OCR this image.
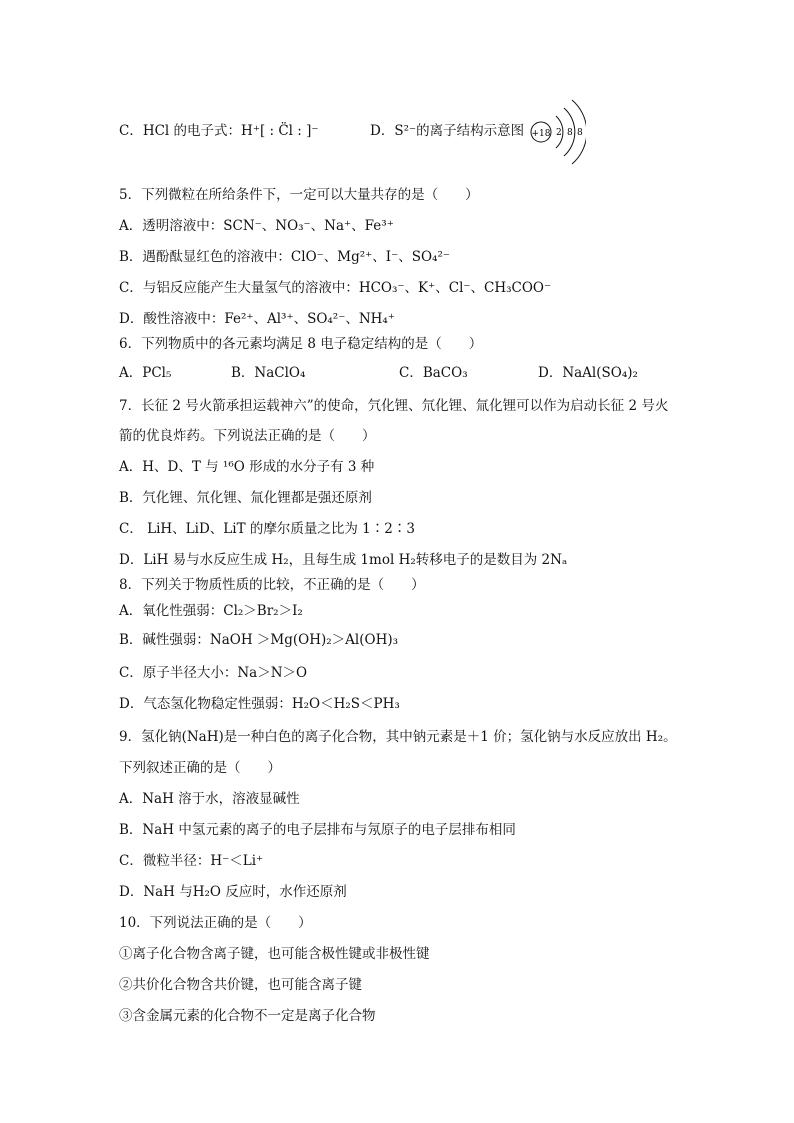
C．HCl 的电子式：H⁺[ : C̈l : ]⁻	D．S²⁻的离子结构示意图 +18 2 8 8
5．下列微粒在所给条件下，一定可以大量共存的是（　　）
A．透明溶液中：SCN⁻、NO₃⁻、Na⁺、Fe³⁺
B．遇酚酞显红色的溶液中：ClO⁻、Mg²⁺、I⁻、SO₄²⁻
C．与铝反应能产生大量氢气的溶液中：HCO₃⁻、K⁺、Cl⁻、CH₃COO⁻
D．酸性溶液中：Fe²⁺、Al³⁺、SO₄²⁻、NH₄⁺
6．下列物质中的各元素均满足 8 电子稳定结构的是（　　）
A．PCl₅	B．NaClO₄	C．BaCO₃	D．NaAl(SO₄)₂
7．长征 2 号火箭承担运载神六”的使命，氕化锂、氘化锂、氚化锂可以作为启动长征 2 号火
箭的优良炸药。下列说法正确的是（　　）
A．H、D、T 与 ¹⁶O 形成的水分子有 3 种
B．氕化锂、氘化锂、氚化锂都是强还原剂
C． LiH、LiD、LiT 的摩尔质量之比为 1∶2∶3
D．LiH 易与水反应生成 H₂，且每生成 1mol H₂转移电子的是数目为 2Nₐ
8．下列关于物质性质的比较，不正确的是（　　）
A．氧化性强弱：Cl₂＞Br₂＞I₂
B．碱性强弱：NaOH ＞Mg(OH)₂＞Al(OH)₃
C．原子半径大小：Na＞N＞O
D．气态氢化物稳定性强弱：H₂O＜H₂S＜PH₃
9．氢化钠(NaH)是一种白色的离子化合物，其中钠元素是＋1 价；氢化钠与水反应放出 H₂。
下列叙述正确的是（　　）
A．NaH 溶于水，溶液显碱性
B．NaH 中氢元素的离子的电子层排布与氖原子的电子层排布相同
C．微粒半径：H⁻＜Li⁺
D．NaH 与H₂O 反应时，水作还原剂
10．下列说法正确的是（　　）
①离子化合物含离子键，也可能含极性键或非极性键
②共价化合物含共价键，也可能含离子键
③含金属元素的化合物不一定是离子化合物
